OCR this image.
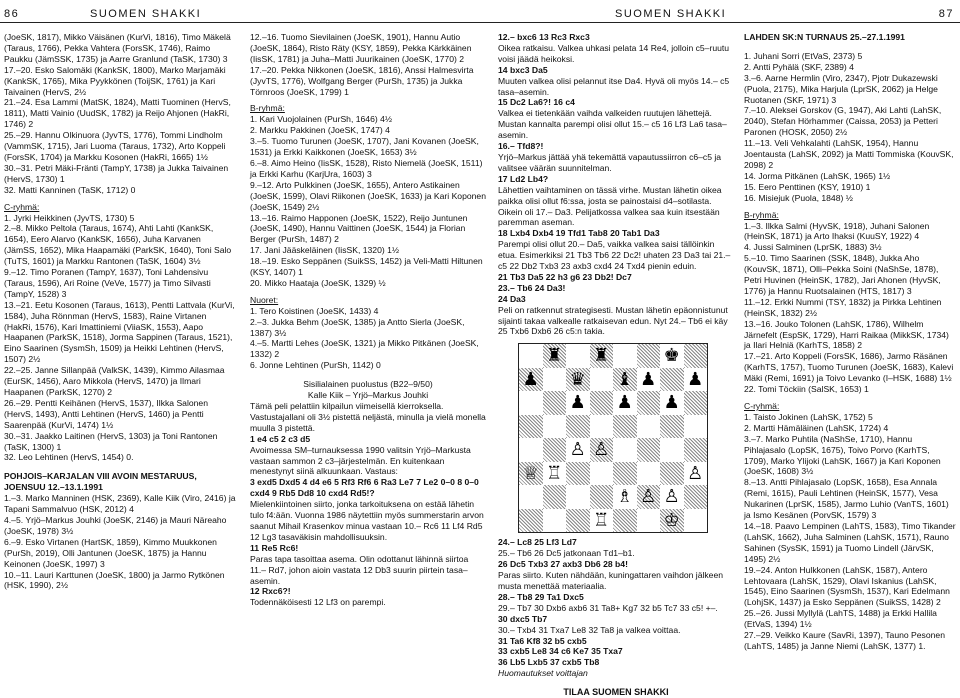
86	SUOMEN SHAKKI	SUOMEN SHAKKI	87

(JoeSK, 1817), Mikko Väisänen (KurVi, 1816), Timo Mäkelä (Taraus, 1766), Pekka Vahtera (ForsSK, 1746), Raimo Paukku (JämSSK, 1735) ja Aarre Granlund (TaSK, 1730) 3

17.–20. Esko Salomäki (KankSK, 1800), Marko Marjamäki (KankSK, 1765), Mika Pyykkönen (ToijSK, 1761) ja Kari Taivainen (HervS, 2½

21.–24. Esa Lammi (MatSK, 1824), Matti Tuominen (HervS, 1811), Matti Vainio (UudSK, 1782) ja Reijo Ahjonen (HakRi, 1746) 2

25.–29. Hannu Olkinuora (JyvTS, 1776), Tommi Lindholm (VammSK, 1715), Jari Luoma (Taraus, 1732), Arto Koppeli (ForsSK, 1704) ja Markku Kosonen (HakRi, 1665) 1½

30.–31. Petri Mäki-Fränti (TampY, 1738) ja Jukka Taivainen (HervS, 1730) 1

32. Matti Kanninen (TaSK, 1712) 0

C-ryhmä:

1. Jyrki Heikkinen (JyvTS, 1730) 5

2.–8. Mikko Peltola (Taraus, 1674), Ahti Lahti (KankSK, 1654), Eero Alarvo (KankSK, 1656), Juha Karvanen (JämSS, 1652), Mika Haapamäki (ParkSK, 1640), Toni Salo (TuTS, 1601) ja Markku Rantonen (TaSK, 1604) 3½

9.–12. Timo Poranen (TampY, 1637), Toni Lahdensivu (Taraus, 1596), Ari Roine (VeVe, 1577) ja Timo Silvasti (TampY, 1528) 3

13.–21. Eetu Kosonen (Taraus, 1613), Pentti Lattvala (KurVi, 1584), Juha Rönnman (HervS, 1583), Raine Virtanen (HakRi, 1576), Kari Imattiniemi (ViiaSK, 1553), Aapo Haapanen (ParkSK, 1518), Jorma Sappinen (Taraus, 1521), Eino Saarinen (SysmSh, 1509) ja Heikki Lehtinen (HervS, 1507) 2½

22.–25. Janne Sillanpää (ValkSK, 1439), Kimmo Ailasmaa (EurSK, 1456), Aaro Mikkola (HervS, 1470) ja Ilmari Haapanen (ParkSK, 1270) 2

26.–29. Pentti Keihänen (HervS, 1537), Ilkka Salonen (HervS, 1493), Antti Lehtinen (HervS, 1460) ja Pentti Saarenpää (KurVi, 1474) 1½

30.–31. Jaakko Laitinen (HervS, 1303) ja Toni Rantonen (TaSK, 1300) 1

32. Leo Lehtinen (HervS, 1454) 0.

POHJOIS–KARJALAN VIII AVOIN MESTARUUS, JOENSUU 12.–13.1.1991

1.–3. Marko Manninen (HSK, 2369), Kalle Kiik (Viro, 2416) ja Tapani Sammalvuo (HSK, 2012) 4

4.–5. Yrjö–Markus Jouhki (JoeSK, 2146) ja Mauri Näreaho (JoeSK, 1978) 3½

6.–9. Esko Virtanen (HartSK, 1859), Kimmo Muukkonen (PurSh, 2019), Olli Jantunen (JoeSK, 1875) ja Hannu Keinonen (JoeSK, 1997) 3

10.–11. Lauri Karttunen (JoeSK, 1800) ja Jarmo Rytkönen (HSK, 1990), 2½

12.–16. Tuomo Sievilainen (JoeSK, 1901), Hannu Autio (JoeSK, 1864), Risto Räty (KSY, 1859), Pekka Kärkkäinen (IisSK, 1781) ja Juha–Matti Juurikainen (JoeSK, 1770) 2

17.–20. Pekka Nikkonen (JoeSK, 1816), Anssi Halmesvirta (JyvTS, 1776), Wolfgang Berger (PurSh, 1735) ja Jukka Törnroos (JoeSK, 1799) 1

B-ryhmä:

1. Kari Vuojolainen (PurSh, 1646) 4½

2. Markku Pakkinen (JoeSK, 1747) 4

3.–5. Tuomo Turunen (JoeSK, 1707), Jani Kovanen (JoeSK, 1531) ja Erkki Kaikkonen (JoeSK, 1653) 3½

6.–8. Aimo Heino (IisSK, 1528), Risto Niemelä (JoeSK, 1511) ja Erkki Karhu (KarjUra, 1603) 3

9.–12. Arto Pulkkinen (JoeSK, 1655), Antero Astikainen (JoeSK, 1599), Olavi Riikonen (JoeSK, 1633) ja Kari Koponen (JoeSK, 1549) 2½

13.–16. Raimo Happonen (JoeSK, 1522), Reijo Juntunen (JoeSK, 1490), Hannu Vaittinen (JoeSK, 1544) ja Florian Berger (PurSh, 1487) 2

17. Jani Jääskeläinen (IisSK, 1320) 1½

18.–19. Esko Seppänen (SuikSS, 1452) ja Veli-Matti Hiltunen (KSY, 1407) 1

20. Mikko Haataja (JoeSK, 1329) ½

Nuoret:

1. Tero Koistinen (JoeSK, 1433) 4

2.–3. Jukka Behm (JoeSK, 1385) ja Antto Sierla (JoeSK, 1387) 3½

4.–5. Martti Lehes (JoeSK, 1321) ja Mikko Pitkänen (JoeSK, 1332) 2

6. Jonne Lehtinen (PurSh, 1142) 0

Sisilialainen puolustus (B22–9/50)

Kalle Kiik – Yrjö–Markus Jouhki

Tämä peli pelattiin kilpailun viimeisellä kierroksella. Vastustajallani oli 3½ pistettä neljästä, minulla ja vielä monella muulla 3 pistettä.

1 e4 c5 2 c3 d5

Avoimessa SM–turnauksessa 1990 valitsin Yrjö–Markusta vastaan sammon 2 c3–järjestelmän. En kuitenkaan menestynyt siinä alkuunkaan. Vastaus:

3 exd5 Dxd5 4 d4 e6 5 Rf3 Rf6 6 Ra3 Le7 7 Le2 0–0 8 0–0 cxd4 9 Rb5 Dd8 10 cxd4 Rd5!?

Mielenkiintoinen siirto, jonka tarkoituksena on estää lähetin tulo f4:ään. Vuonna 1986 näytettiin myös summerstarin arvon saanut Mihail Krasenkov minua vastaan 10.– Rc6 11 Lf4 Rd5 12 Lg3 tasaväkisin mahdollisuuksin.

11 Re5 Rc6!

Paras tapa tasoittaa asema. Olin odottanut lähinnä siirtoa 11.– Rd7, johon aioin vastata 12 Db3 suurin piirtein tasa–asemin.

12 Rxc6?!

Todennäköisesti 12 Lf3 on parempi.

12.– bxc6 13 Rc3 Rxc3

Oikea ratkaisu. Valkea uhkasi pelata 14 Re4, jolloin c5–ruutu voisi jäädä heikoksi.

14 bxc3 Da5

Muuten valkea olisi pelannut itse Da4. Hyvä oli myös 14.– c5 tasa–asemin.

15 Dc2 La6?! 16 c4

Valkea ei tietenkään vaihda valkeiden ruutujen lähettejä. Mustan kannalta parempi olisi ollut 15.– c5 16 Lf3 La6 tasa–asemin.

16.– Tfd8?!

Yrjö–Markus jättää yhä tekemättä vapautussiirron c6–c5 ja valitsee väärän suunnitelman.

17 Ld2 Lb4?

Lähettien vaihtaminen on tässä virhe. Mustan lähetin oikea paikka olisi ollut f6:ssa, josta se painostaisi d4–sotilasta. Oikein oli 17.– Da3. Pelijatkossa valkea saa kuin itsestään paremman aseman.

18 Lxb4 Dxb4 19 Tfd1 Tab8 20 Tab1 Da3

Parempi olisi ollut 20.– Da5, vaikka valkea saisi tällöinkin etua. Esimerkiksi 21 Tb3 Tb6 22 Dc2! uhaten 23 Da3 tai 21.– c5 22 Db2 Txb3 23 axb3 cxd4 24 Txd4 pienin eduin.

21 Tb3 Da5 22 h3 g6 23 Db2! Dc7

23.– Tb6 24 Da3!

24 Da3

Peli on ratkennut strategisesti. Mustan lähetin epäonnistunut sijainti takaa valkealle ratkaisevan edun. Nyt 24.– Tb6 ei käy 25 Txb6 Dxb6 26 c5:n takia.

♜ ♜	♚
♟ ♛ ♝ ♟ ♟
♟ ♟ ♟
♙ ♙
♕ ♖	♙
♗ ♙ ♙
♖	♔

24.– Lc8 25 Lf3 Ld7

25.– Tb6 26 Dc5 jatkonaan Td1–b1.

26 Dc5 Txb3 27 axb3 Db6 28 b4!

Paras siirto. Kuten nähdään, kuningattaren vaihdon jälkeen musta menettää materiaalia.

28.– Tb8 29 Ta1 Dxc5

29.– Tb7 30 Dxb6 axb6 31 Ta8+ Kg7 32 b5 Tc7 33 c5! +–.

30 dxc5 Tb7

30.– Txb4 31 Txa7 Le8 32 Ta8 ja valkea voittaa.

31 Ta6 Kf8 32 b5 cxb5

33 cxb5 Le8 34 c6 Ke7 35 Txa7

36 Lb5 Lxb5 37 cxb5 Tb8

Huomautukset voittajan

TILAA SUOMEN SHAKKI

LAHDEN SK:N TURNAUS 25.–27.1.1991

1. Juhani Sorri (EtVaS, 2373) 5

2. Antti Pyhälä (SKF, 2389) 4

3.–6. Aarne Hermlin (Viro, 2347), Pjotr Dukazewski (Puola, 2175), Mika Harjula (LprSK, 2062) ja Helge Ruotanen (SKF, 1971) 3

7.–10. Aleksei Gorskov (G, 1947), Aki Lahti (LahSK, 2040), Stefan Hörhammer (Caissa, 2053) ja Petteri Paronen (HOSK, 2050) 2½

11.–13. Veli Vehkalahti (LahSK, 1954), Hannu Joentausta (LahSK, 2092) ja Matti Tommiska (KouvSK, 2098) 2

14. Jorma Pitkänen (LahSK, 1965) 1½

15. Eero Penttinen (KSY, 1910) 1

16. Misiejuk (Puola, 1848) ½

B-ryhmä:

1.–3. Ilkka Salmi (HyvSK, 1918), Juhani Salonen (HeinSK, 1871) ja Arto Ihaksi (KuuSY, 1922) 4

4. Jussi Salminen (LprSK, 1883) 3½

5.–10. Timo Saarinen (SSK, 1848), Jukka Aho (KouvSK, 1871), Olli–Pekka Soini (NaShSe, 1878), Petri Huvinen (HeinSK, 1782), Jari Ahonen (HyvSK, 1776) ja Hannu Ruotsalainen (HTS, 1817) 3

11.–12. Erkki Nummi (TSY, 1832) ja Pirkka Lehtinen (HeinSK, 1832) 2½

13.–16. Jouko Tolonen (LahSK, 1786), Wilhelm Järnefelt (EspSK, 1729), Harri Raikaa (MikkSK, 1734) ja Ilari Helniä (KarhTS, 1858) 2

17.–21. Arto Koppeli (ForsSK, 1686), Jarmo Räsänen (KarhTS, 1757), Tuomo Turunen (JoeSK, 1683), Kalevi Mäki (Remi, 1691) ja Toivo Levanko (I–HSK, 1688) 1½

22. Tomi Töckiin (SalSK, 1653) 1

C-ryhmä:

1. Taisto Jokinen (LahSK, 1752) 5

2. Martti Hämäläinen (LahSK, 1724) 4

3.–7. Marko Puhtila (NaShSe, 1710), Hannu Pihlajasalo (LopSK, 1675), Toivo Porvo (KarhTS, 1709), Marko Ylijoki (LahSK, 1667) ja Kari Koponen (JoeSK, 1608) 3½

8.–13. Antti Pihlajasalo (LopSK, 1658), Esa Annala (Remi, 1615), Pauli Lehtinen (HeinSK, 1577), Vesa Nukarinen (LprSK, 1585), Jarmo Luhio (VanTS, 1601) ja Ismo Kesänen (PorvSK, 1579) 3

14.–18. Paavo Lempinen (LahTS, 1583), Timo Tikander (LahSK, 1662), Juha Salminen (LahSK, 1571), Rauno Sahinen (SysSK, 1591) ja Tuomo Lindell (JärvSK, 1495) 2½

19.–24. Anton Hulkkonen (LahSK, 1587), Antero Lehtovaara (LahSK, 1529), Olavi Iskanius (LahSK, 1545), Eino Saarinen (SysmSh, 1537), Kari Edelmann (LohjSK, 1437) ja Esko Seppänen (SuikSS, 1428) 2

25.–26. Jussi Myllylä (LahTS, 1488) ja Erkki Hallila (EtVaS, 1394) 1½

27.–29. Veikko Kaure (SavRi, 1397), Tauno Pesonen (LahTS, 1485) ja Janne Niemi (LahSK, 1377) 1.
